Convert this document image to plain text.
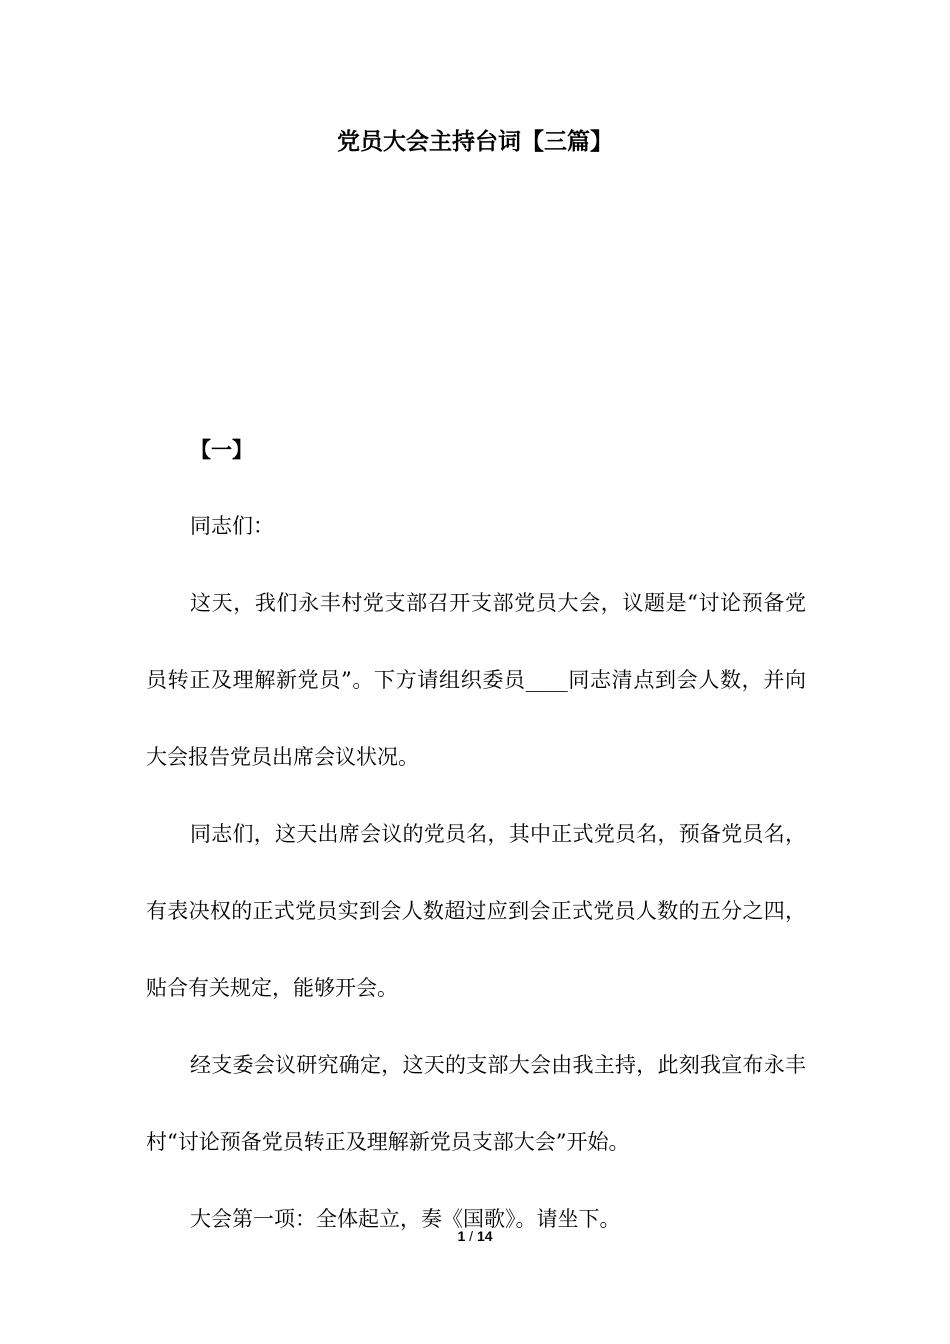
党员大会主持台词【三篇】

【一】

同志们：

这天，我们永丰村党支部召开支部党员大会，议题是“讨论预备党员转正及理解新党员”。下方请组织委员____同志清点到会人数，并向大会报告党员出席会议状况。

同志们，这天出席会议的党员名，其中正式党员名，预备党员名，有表决权的正式党员实到会人数超过应到会正式党员人数的五分之四，贴合有关规定，能够开会。

经支委会议研究确定，这天的支部大会由我主持，此刻我宣布永丰村“讨论预备党员转正及理解新党员支部大会”开始。

大会第一项：全体起立，奏《国歌》。请坐下。

1 / 14
